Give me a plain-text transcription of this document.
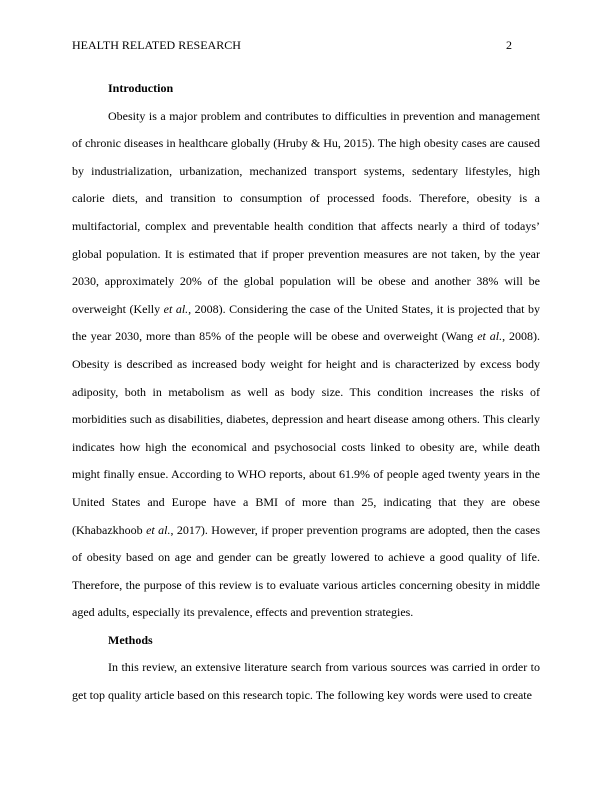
HEALTH RELATED RESEARCH	2

Introduction

Obesity is a major problem and contributes to difficulties in prevention and management of chronic diseases in healthcare globally (Hruby & Hu, 2015). The high obesity cases are caused by industrialization, urbanization, mechanized transport systems, sedentary lifestyles, high calorie diets, and transition to consumption of processed foods. Therefore, obesity is a multifactorial, complex and preventable health condition that affects nearly a third of todays’ global population. It is estimated that if proper prevention measures are not taken, by the year 2030, approximately 20% of the global population will be obese and another 38% will be overweight (Kelly et al., 2008). Considering the case of the United States, it is projected that by the year 2030, more than 85% of the people will be obese and overweight (Wang et al., 2008). Obesity is described as increased body weight for height and is characterized by excess body adiposity, both in metabolism as well as body size. This condition increases the risks of morbidities such as disabilities, diabetes, depression and heart disease among others. This clearly indicates how high the economical and psychosocial costs linked to obesity are, while death might finally ensue. According to WHO reports, about 61.9% of people aged twenty years in the United States and Europe have a BMI of more than 25, indicating that they are obese (Khabazkhoob et al., 2017). However, if proper prevention programs are adopted, then the cases of obesity based on age and gender can be greatly lowered to achieve a good quality of life. Therefore, the purpose of this review is to evaluate various articles concerning obesity in middle aged adults, especially its prevalence, effects and prevention strategies.

Methods

In this review, an extensive literature search from various sources was carried in order to get top quality article based on this research topic. The following key words were used to create
